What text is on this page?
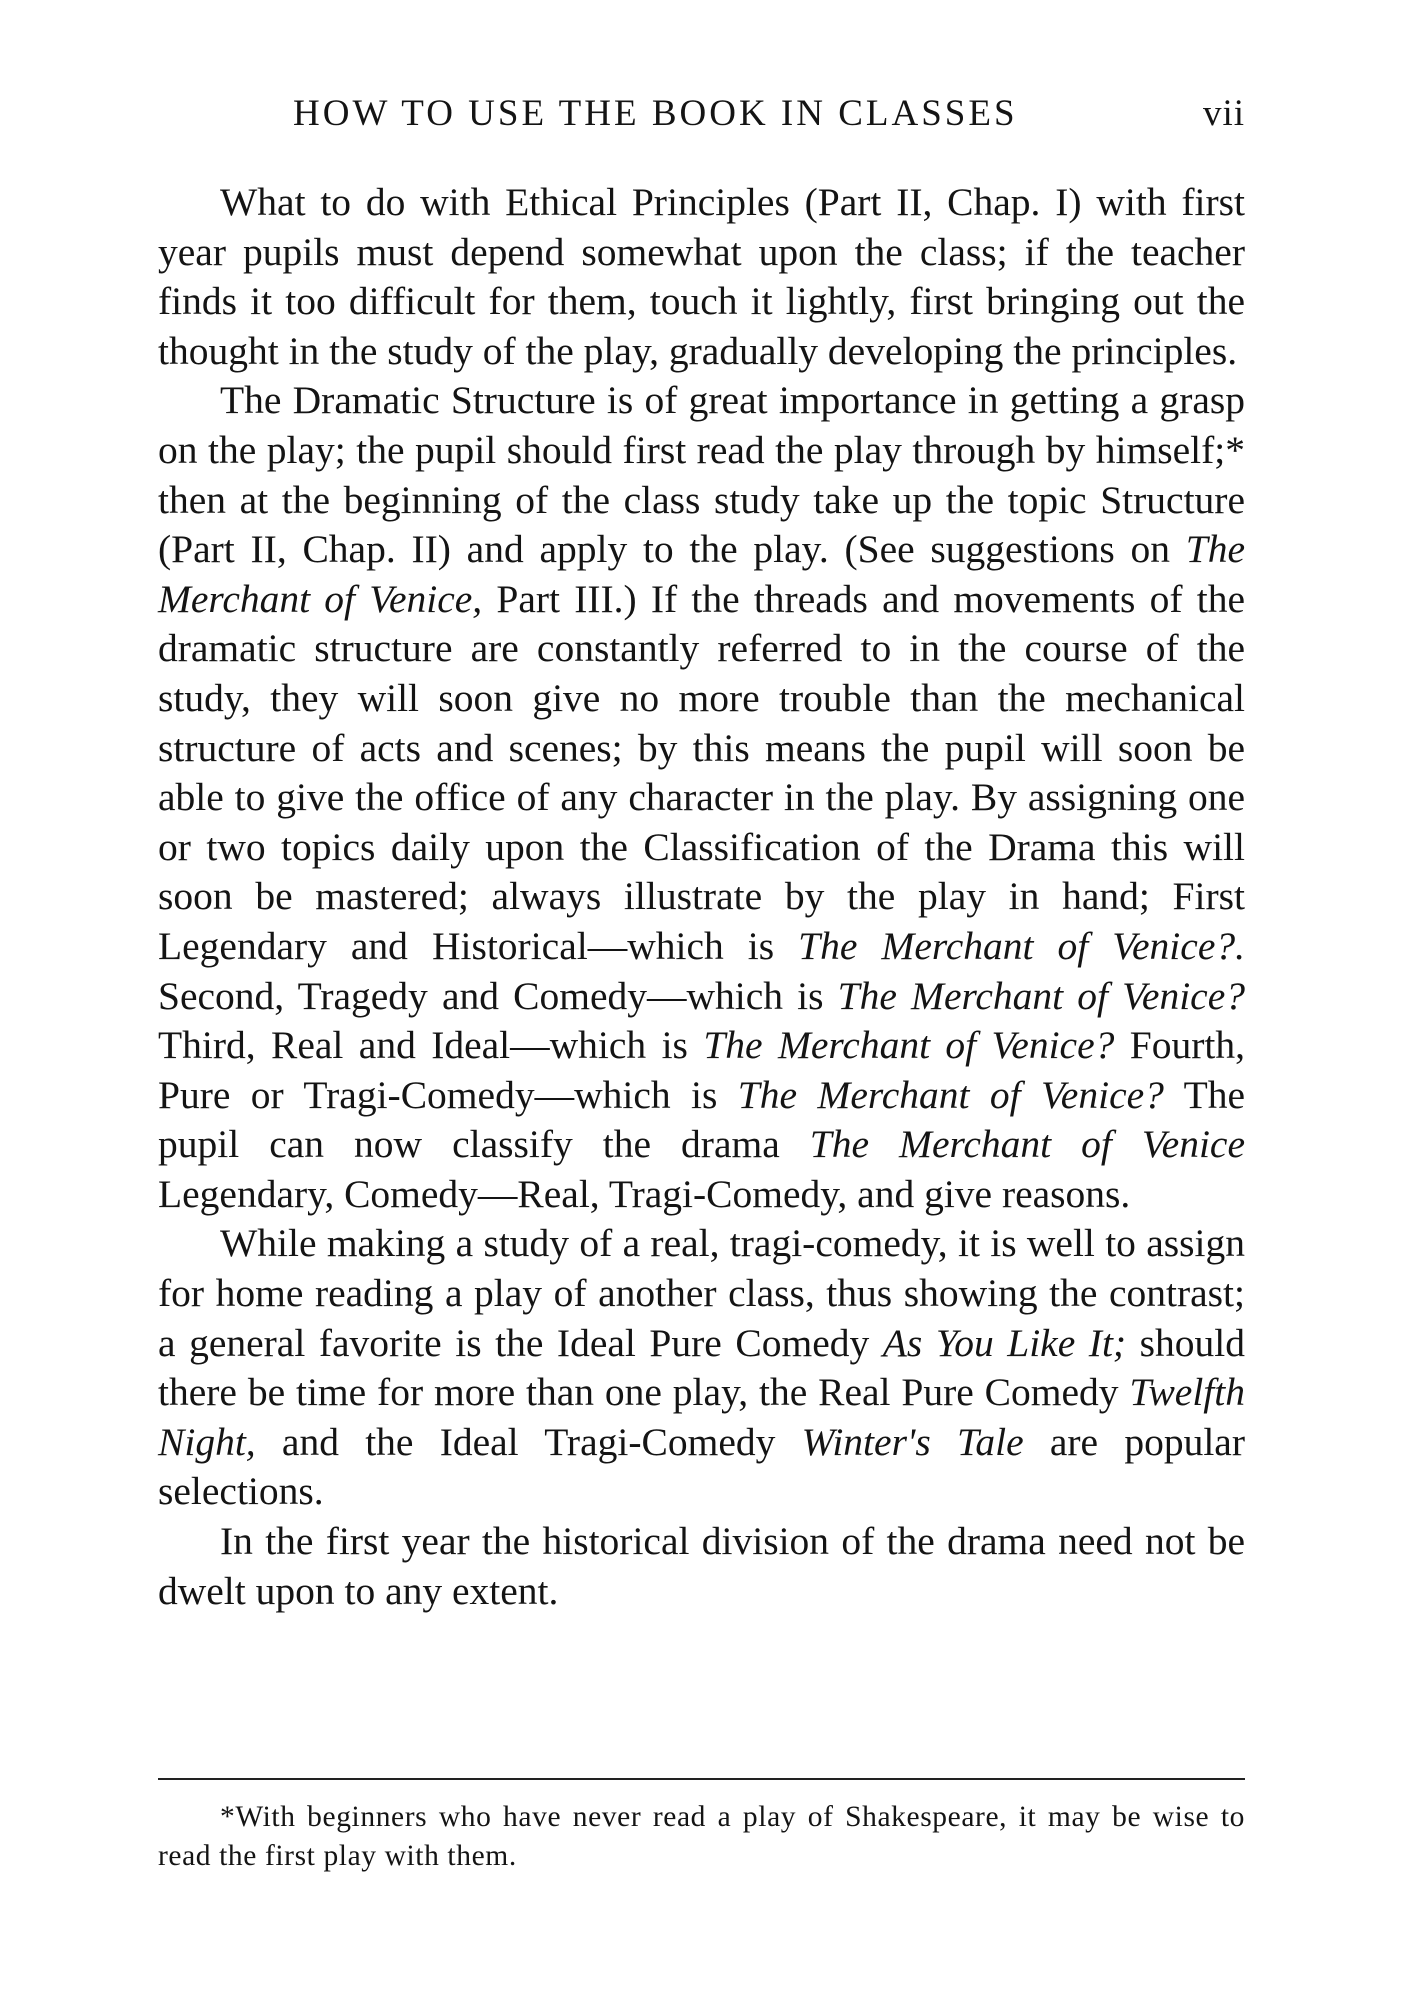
HOW TO USE THE BOOK IN CLASSES	vii

What to do with Ethical Principles (Part II, Chap. I) with first year pupils must depend somewhat upon the class; if the teacher finds it too difficult for them, touch it lightly, first bringing out the thought in the study of the play, gradually developing the principles.

The Dramatic Structure is of great importance in getting a grasp on the play; the pupil should first read the play through by himself;* then at the beginning of the class study take up the topic Structure (Part II, Chap. II) and apply to the play. (See suggestions on The Merchant of Venice, Part III.) If the threads and movements of the dramatic structure are constantly referred to in the course of the study, they will soon give no more trouble than the mechanical structure of acts and scenes; by this means the pupil will soon be able to give the office of any character in the play. By assigning one or two topics daily upon the Classification of the Drama this will soon be mastered; always illustrate by the play in hand; First Legendary and Historical—which is The Merchant of Venice?. Second, Tragedy and Comedy—which is The Merchant of Venice? Third, Real and Ideal—which is The Merchant of Venice? Fourth, Pure or Tragi-Comedy—which is The Merchant of Venice? The pupil can now classify the drama The Merchant of Venice Legendary, Comedy—Real, Tragi-Comedy, and give reasons.

While making a study of a real, tragi-comedy, it is well to assign for home reading a play of another class, thus showing the contrast; a general favorite is the Ideal Pure Comedy As You Like It; should there be time for more than one play, the Real Pure Comedy Twelfth Night, and the Ideal Tragi-Comedy Winter's Tale are popular selections.

In the first year the historical division of the drama need not be dwelt upon to any extent.

*With beginners who have never read a play of Shakespeare, it may be wise to read the first play with them.
